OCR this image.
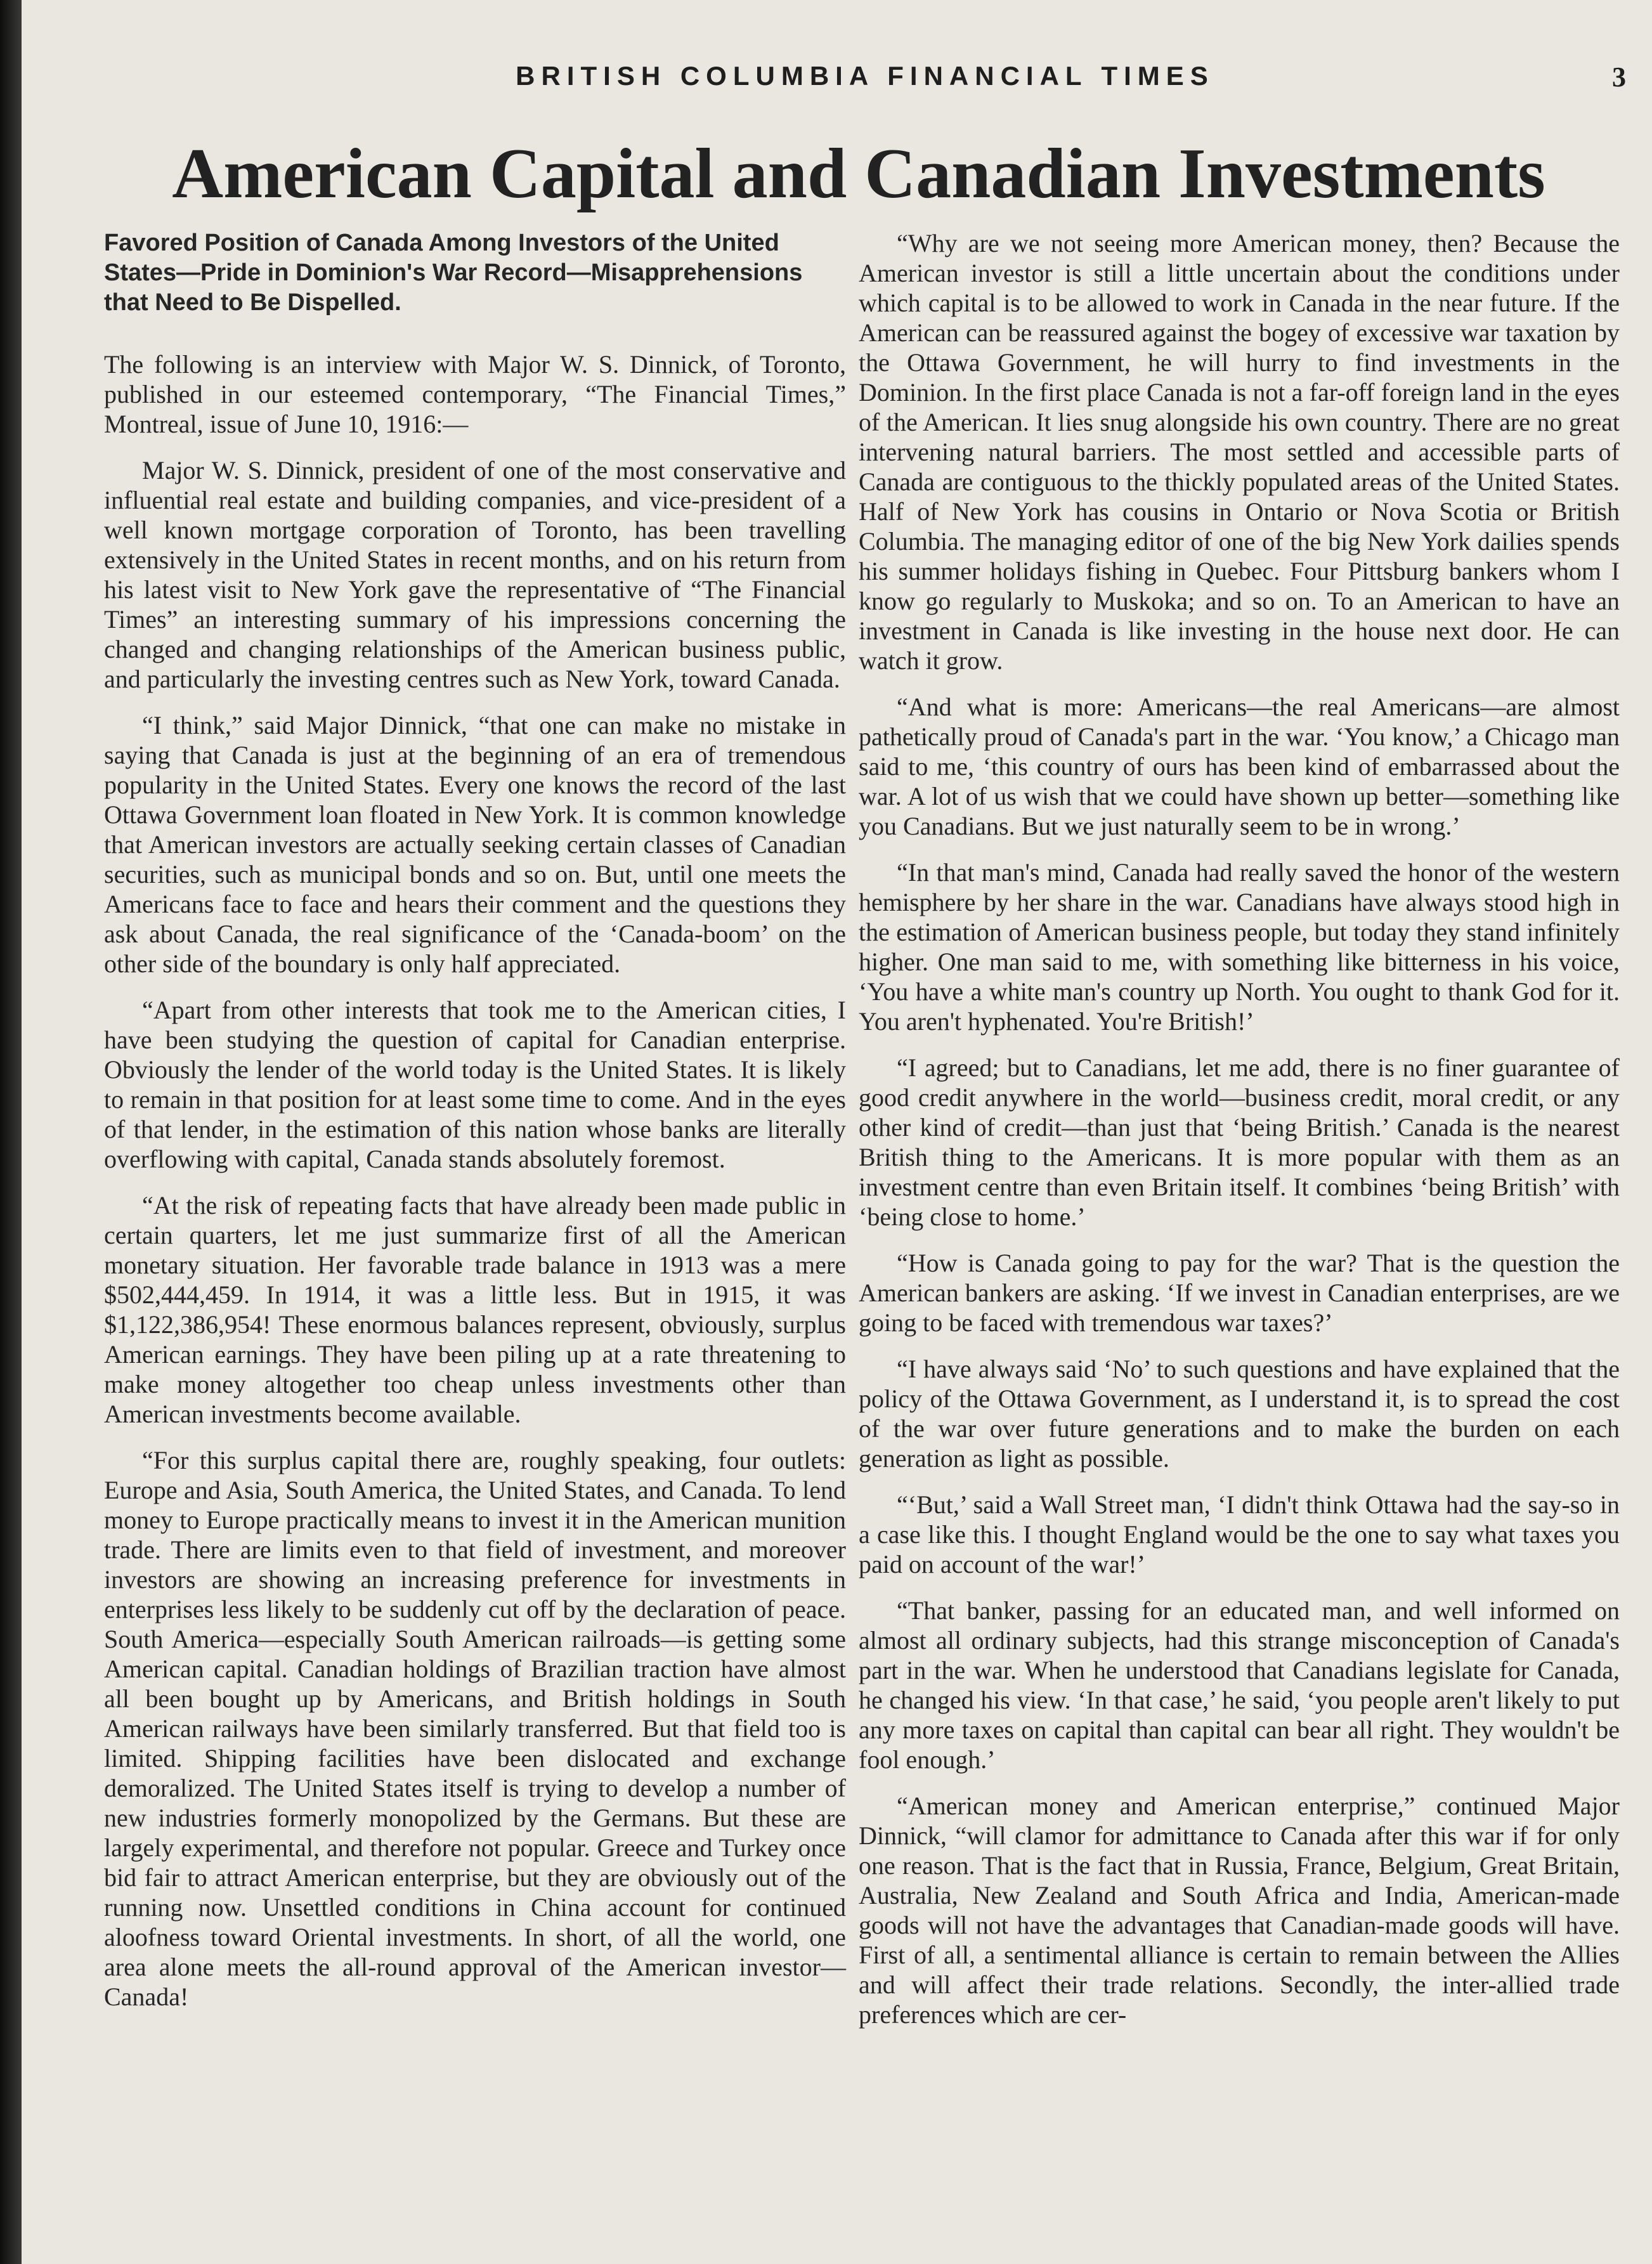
BRITISH COLUMBIA FINANCIAL TIMES	3
American Capital and Canadian Investments
Favored Position of Canada Among Investors of the United States—Pride in Dominion's War Record—Misapprehensions that Need to Be Dispelled.

The following is an interview with Major W. S. Dinnick, of Toronto, published in our esteemed contemporary, “The Financial Times,” Montreal, issue of June 10, 1916:—

Major W. S. Dinnick, president of one of the most conservative and influential real estate and building companies, and vice-president of a well known mortgage corporation of Toronto, has been travelling extensively in the United States in recent months, and on his return from his latest visit to New York gave the representative of “The Financial Times” an interesting summary of his impressions concerning the changed and changing relationships of the American business public, and particularly the investing centres such as New York, toward Canada.

“I think,” said Major Dinnick, “that one can make no mistake in saying that Canada is just at the beginning of an era of tremendous popularity in the United States. Every one knows the record of the last Ottawa Government loan floated in New York. It is common knowledge that American investors are actually seeking certain classes of Canadian securities, such as municipal bonds and so on. But, until one meets the Americans face to face and hears their comment and the questions they ask about Canada, the real significance of the ‘Canada-boom’ on the other side of the boundary is only half appreciated.

“Apart from other interests that took me to the American cities, I have been studying the question of capital for Canadian enterprise. Obviously the lender of the world today is the United States. It is likely to remain in that position for at least some time to come. And in the eyes of that lender, in the estimation of this nation whose banks are literally overflowing with capital, Canada stands absolutely foremost.

“At the risk of repeating facts that have already been made public in certain quarters, let me just summarize first of all the American monetary situation. Her favorable trade balance in 1913 was a mere $502,444,459. In 1914, it was a little less. But in 1915, it was $1,122,386,954! These enormous balances represent, obviously, surplus American earnings. They have been piling up at a rate threatening to make money altogether too cheap unless investments other than American investments become available.

“For this surplus capital there are, roughly speaking, four outlets: Europe and Asia, South America, the United States, and Canada. To lend money to Europe practically means to invest it in the American munition trade. There are limits even to that field of investment, and moreover investors are showing an increasing preference for investments in enterprises less likely to be suddenly cut off by the declaration of peace. South America—especially South American railroads—is getting some American capital. Canadian holdings of Brazilian traction have almost all been bought up by Americans, and British holdings in South American railways have been similarly transferred. But that field too is limited. Shipping facilities have been dislocated and exchange demoralized. The United States itself is trying to develop a number of new industries formerly monopolized by the Germans. But these are largely experimental, and therefore not popular. Greece and Turkey once bid fair to attract American enterprise, but they are obviously out of the running now. Unsettled conditions in China account for continued aloofness toward Oriental investments. In short, of all the world, one area alone meets the all-round approval of the American investor—Canada!

“Why are we not seeing more American money, then? Because the American investor is still a little uncertain about the conditions under which capital is to be allowed to work in Canada in the near future. If the American can be reassured against the bogey of excessive war taxation by the Ottawa Government, he will hurry to find investments in the Dominion. In the first place Canada is not a far-off foreign land in the eyes of the American. It lies snug alongside his own country. There are no great intervening natural barriers. The most settled and accessible parts of Canada are contiguous to the thickly populated areas of the United States. Half of New York has cousins in Ontario or Nova Scotia or British Columbia. The managing editor of one of the big New York dailies spends his summer holidays fishing in Quebec. Four Pittsburg bankers whom I know go regularly to Muskoka; and so on. To an American to have an investment in Canada is like investing in the house next door. He can watch it grow.

“And what is more: Americans—the real Americans—are almost pathetically proud of Canada's part in the war. ‘You know,’ a Chicago man said to me, ‘this country of ours has been kind of embarrassed about the war. A lot of us wish that we could have shown up better—something like you Canadians. But we just naturally seem to be in wrong.’

“In that man's mind, Canada had really saved the honor of the western hemisphere by her share in the war. Canadians have always stood high in the estimation of American business people, but today they stand infinitely higher. One man said to me, with something like bitterness in his voice, ‘You have a white man's country up North. You ought to thank God for it. You aren't hyphenated. You're British!’

“I agreed; but to Canadians, let me add, there is no finer guarantee of good credit anywhere in the world—business credit, moral credit, or any other kind of credit—than just that ‘being British.’ Canada is the nearest British thing to the Americans. It is more popular with them as an investment centre than even Britain itself. It combines ‘being British’ with ‘being close to home.’

“How is Canada going to pay for the war? That is the question the American bankers are asking. ‘If we invest in Canadian enterprises, are we going to be faced with tremendous war taxes?’

“I have always said ‘No’ to such questions and have explained that the policy of the Ottawa Government, as I understand it, is to spread the cost of the war over future generations and to make the burden on each generation as light as possible.

“‘But,’ said a Wall Street man, ‘I didn't think Ottawa had the say-so in a case like this. I thought England would be the one to say what taxes you paid on account of the war!’

“That banker, passing for an educated man, and well informed on almost all ordinary subjects, had this strange misconception of Canada's part in the war. When he understood that Canadians legislate for Canada, he changed his view. ‘In that case,’ he said, ‘you people aren't likely to put any more taxes on capital than capital can bear all right. They wouldn't be fool enough.’

“American money and American enterprise,” continued Major Dinnick, “will clamor for admittance to Canada after this war if for only one reason. That is the fact that in Russia, France, Belgium, Great Britain, Australia, New Zealand and South Africa and India, American-made goods will not have the advantages that Canadian-made goods will have. First of all, a sentimental alliance is certain to remain between the Allies and will affect their trade relations. Secondly, the inter-allied trade preferences which are cer-
